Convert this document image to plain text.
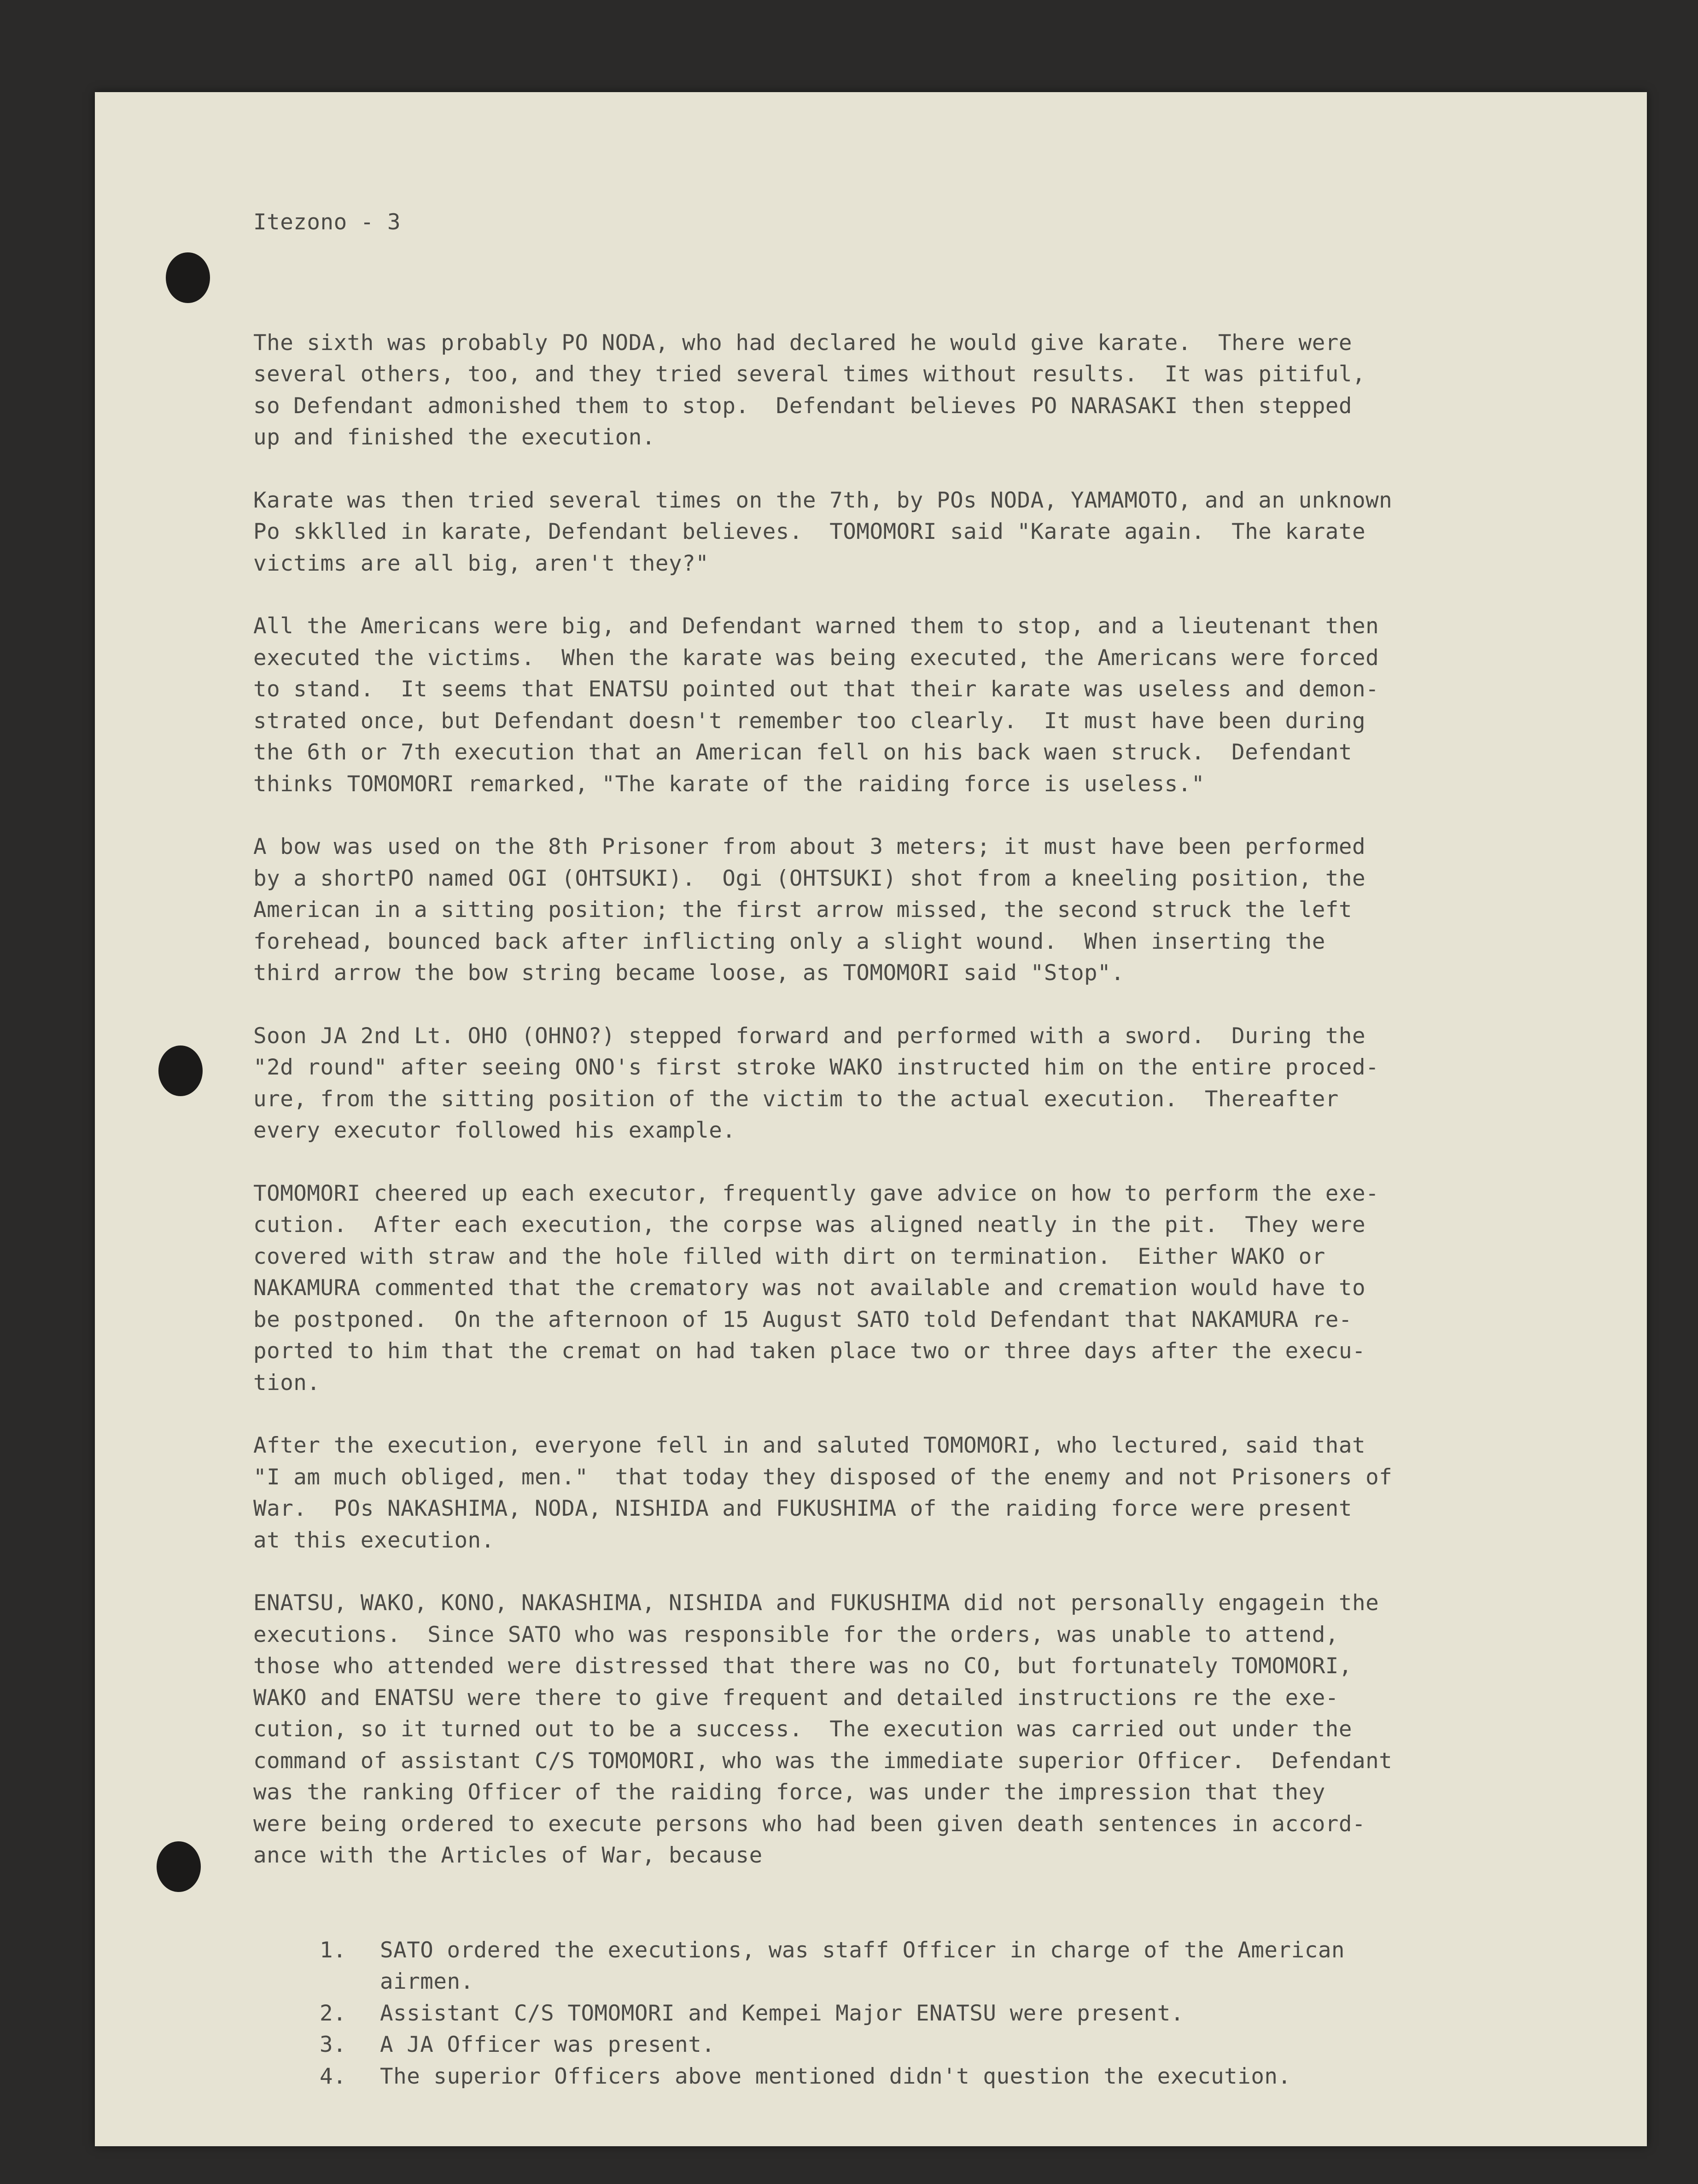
Itezono - 3

The sixth was probably PO NODA, who had declared he would give karate.  There were
several others, too, and they tried several times without results.  It was pitiful,
so Defendant admonished them to stop.  Defendant believes PO NARASAKI then stepped
up and finished the execution.
Karate was then tried several times on the 7th, by POs NODA, YAMAMOTO, and an unknown
Po skklled in karate, Defendant believes.  TOMOMORI said "Karate again.  The karate
victims are all big, aren't they?"
All the Americans were big, and Defendant warned them to stop, and a lieutenant then
executed the victims.  When the karate was being executed, the Americans were forced
to stand.  It seems that ENATSU pointed out that their karate was useless and demon-
strated once, but Defendant doesn't remember too clearly.  It must have been during
the 6th or 7th execution that an American fell on his back waen struck.  Defendant
thinks TOMOMORI remarked, "The karate of the raiding force is useless."
A bow was used on the 8th Prisoner from about 3 meters; it must have been performed
by a shortPO named OGI (OHTSUKI).  Ogi (OHTSUKI) shot from a kneeling position, the
American in a sitting position; the first arrow missed, the second struck the left
forehead, bounced back after inflicting only a slight wound.  When inserting the
third arrow the bow string became loose, as TOMOMORI said "Stop".
Soon JA 2nd Lt. OHO (OHNO?) stepped forward and performed with a sword.  During the
"2d round" after seeing ONO's first stroke WAKO instructed him on the entire proced-
ure, from the sitting position of the victim to the actual execution.  Thereafter
every executor followed his example.
TOMOMORI cheered up each executor, frequently gave advice on how to perform the exe-
cution.  After each execution, the corpse was aligned neatly in the pit.  They were
covered with straw and the hole filled with dirt on termination.  Either WAKO or
NAKAMURA commented that the crematory was not available and cremation would have to
be postponed.  On the afternoon of 15 August SATO told Defendant that NAKAMURA re-
ported to him that the cremat on had taken place two or three days after the execu-
tion.
After the execution, everyone fell in and saluted TOMOMORI, who lectured, said that
"I am much obliged, men."  that today they disposed of the enemy and not Prisoners of
War.  POs NAKASHIMA, NODA, NISHIDA and FUKUSHIMA of the raiding force were present
at this execution.
ENATSU, WAKO, KONO, NAKASHIMA, NISHIDA and FUKUSHIMA did not personally engagein the
executions.  Since SATO who was responsible for the orders, was unable to attend,
those who attended were distressed that there was no CO, but fortunately TOMOMORI,
WAKO and ENATSU were there to give frequent and detailed instructions re the exe-
cution, so it turned out to be a success.  The execution was carried out under the
command of assistant C/S TOMOMORI, who was the immediate superior Officer.  Defendant
was the ranking Officer of the raiding force, was under the impression that they
were being ordered to execute persons who had been given death sentences in accord-
ance with the Articles of War, because

1. SATO ordered the executions, was staff Officer in charge of the American
airmen.
2. Assistant C/S TOMOMORI and Kempei Major ENATSU were present.
3. A JA Officer was present.
4. The superior Officers above mentioned didn't question the execution.
